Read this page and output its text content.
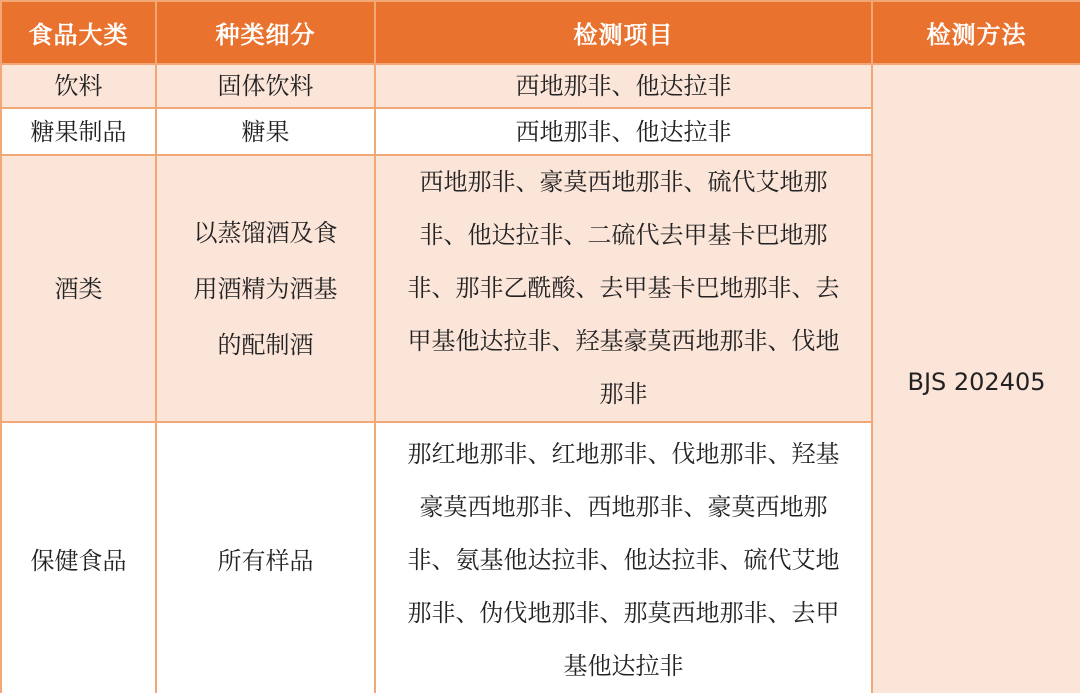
食品大类	种类细分	检测项目	检测方法
饮料	固体饮料	西地那非、他达拉非	BJS 202405
糖果制品	糖果	西地那非、他达拉非	
酒类	以蒸馏酒及食用酒精为酒基的配制酒	西地那非、豪莫西地那非、硫代艾地那非、他达拉非、二硫代去甲基卡巴地那非、那非乙酰酸、去甲基卡巴地那非、去甲基他达拉非、羟基豪莫西地那非、伐地那非	

保健食品	所有样品	那红地那非、红地那非、伐地那非、羟基豪莫西地那非、西地那非、豪莫西地那非、氨基他达拉非、他达拉非、硫代艾地那非、伪伐地那非、那莫西地那非、去甲基他达拉非	
